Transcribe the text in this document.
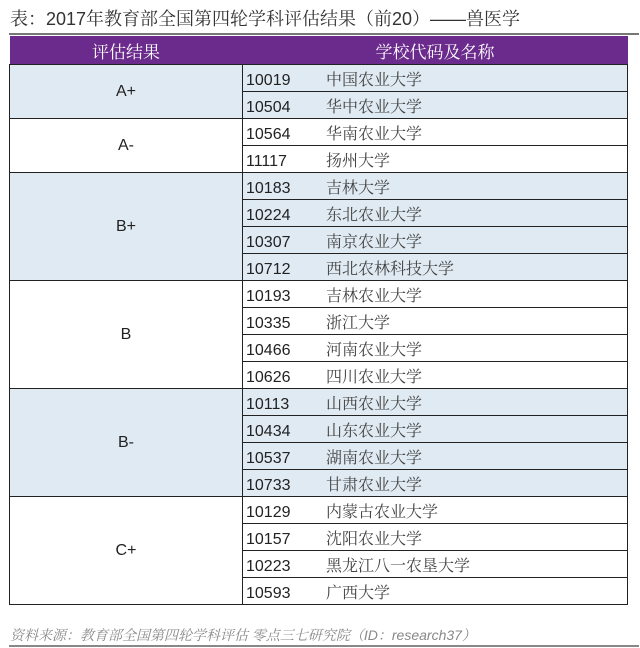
表：2017年教育部全国第四轮学科评估结果（前20）——兽医学
评估结果	学校代码及名称
A+	10019 中国农业大学
	10504 华中农业大学
A-	10564 华南农业大学
	11117 扬州大学
B+	10183 吉林大学
	10224 东北农业大学
	10307 南京农业大学
	10712 西北农林科技大学
B	10193 吉林农业大学
	10335 浙江大学
	10466 河南农业大学
	10626 四川农业大学
B-	10113 山西农业大学
	10434 山东农业大学
	10537 湖南农业大学
	10733 甘肃农业大学
C+	10129 内蒙古农业大学
	10157 沈阳农业大学
	10223 黑龙江八一农垦大学
	10593 广西大学
资料来源：教育部全国第四轮学科评估 零点三七研究院（ID：research37）
